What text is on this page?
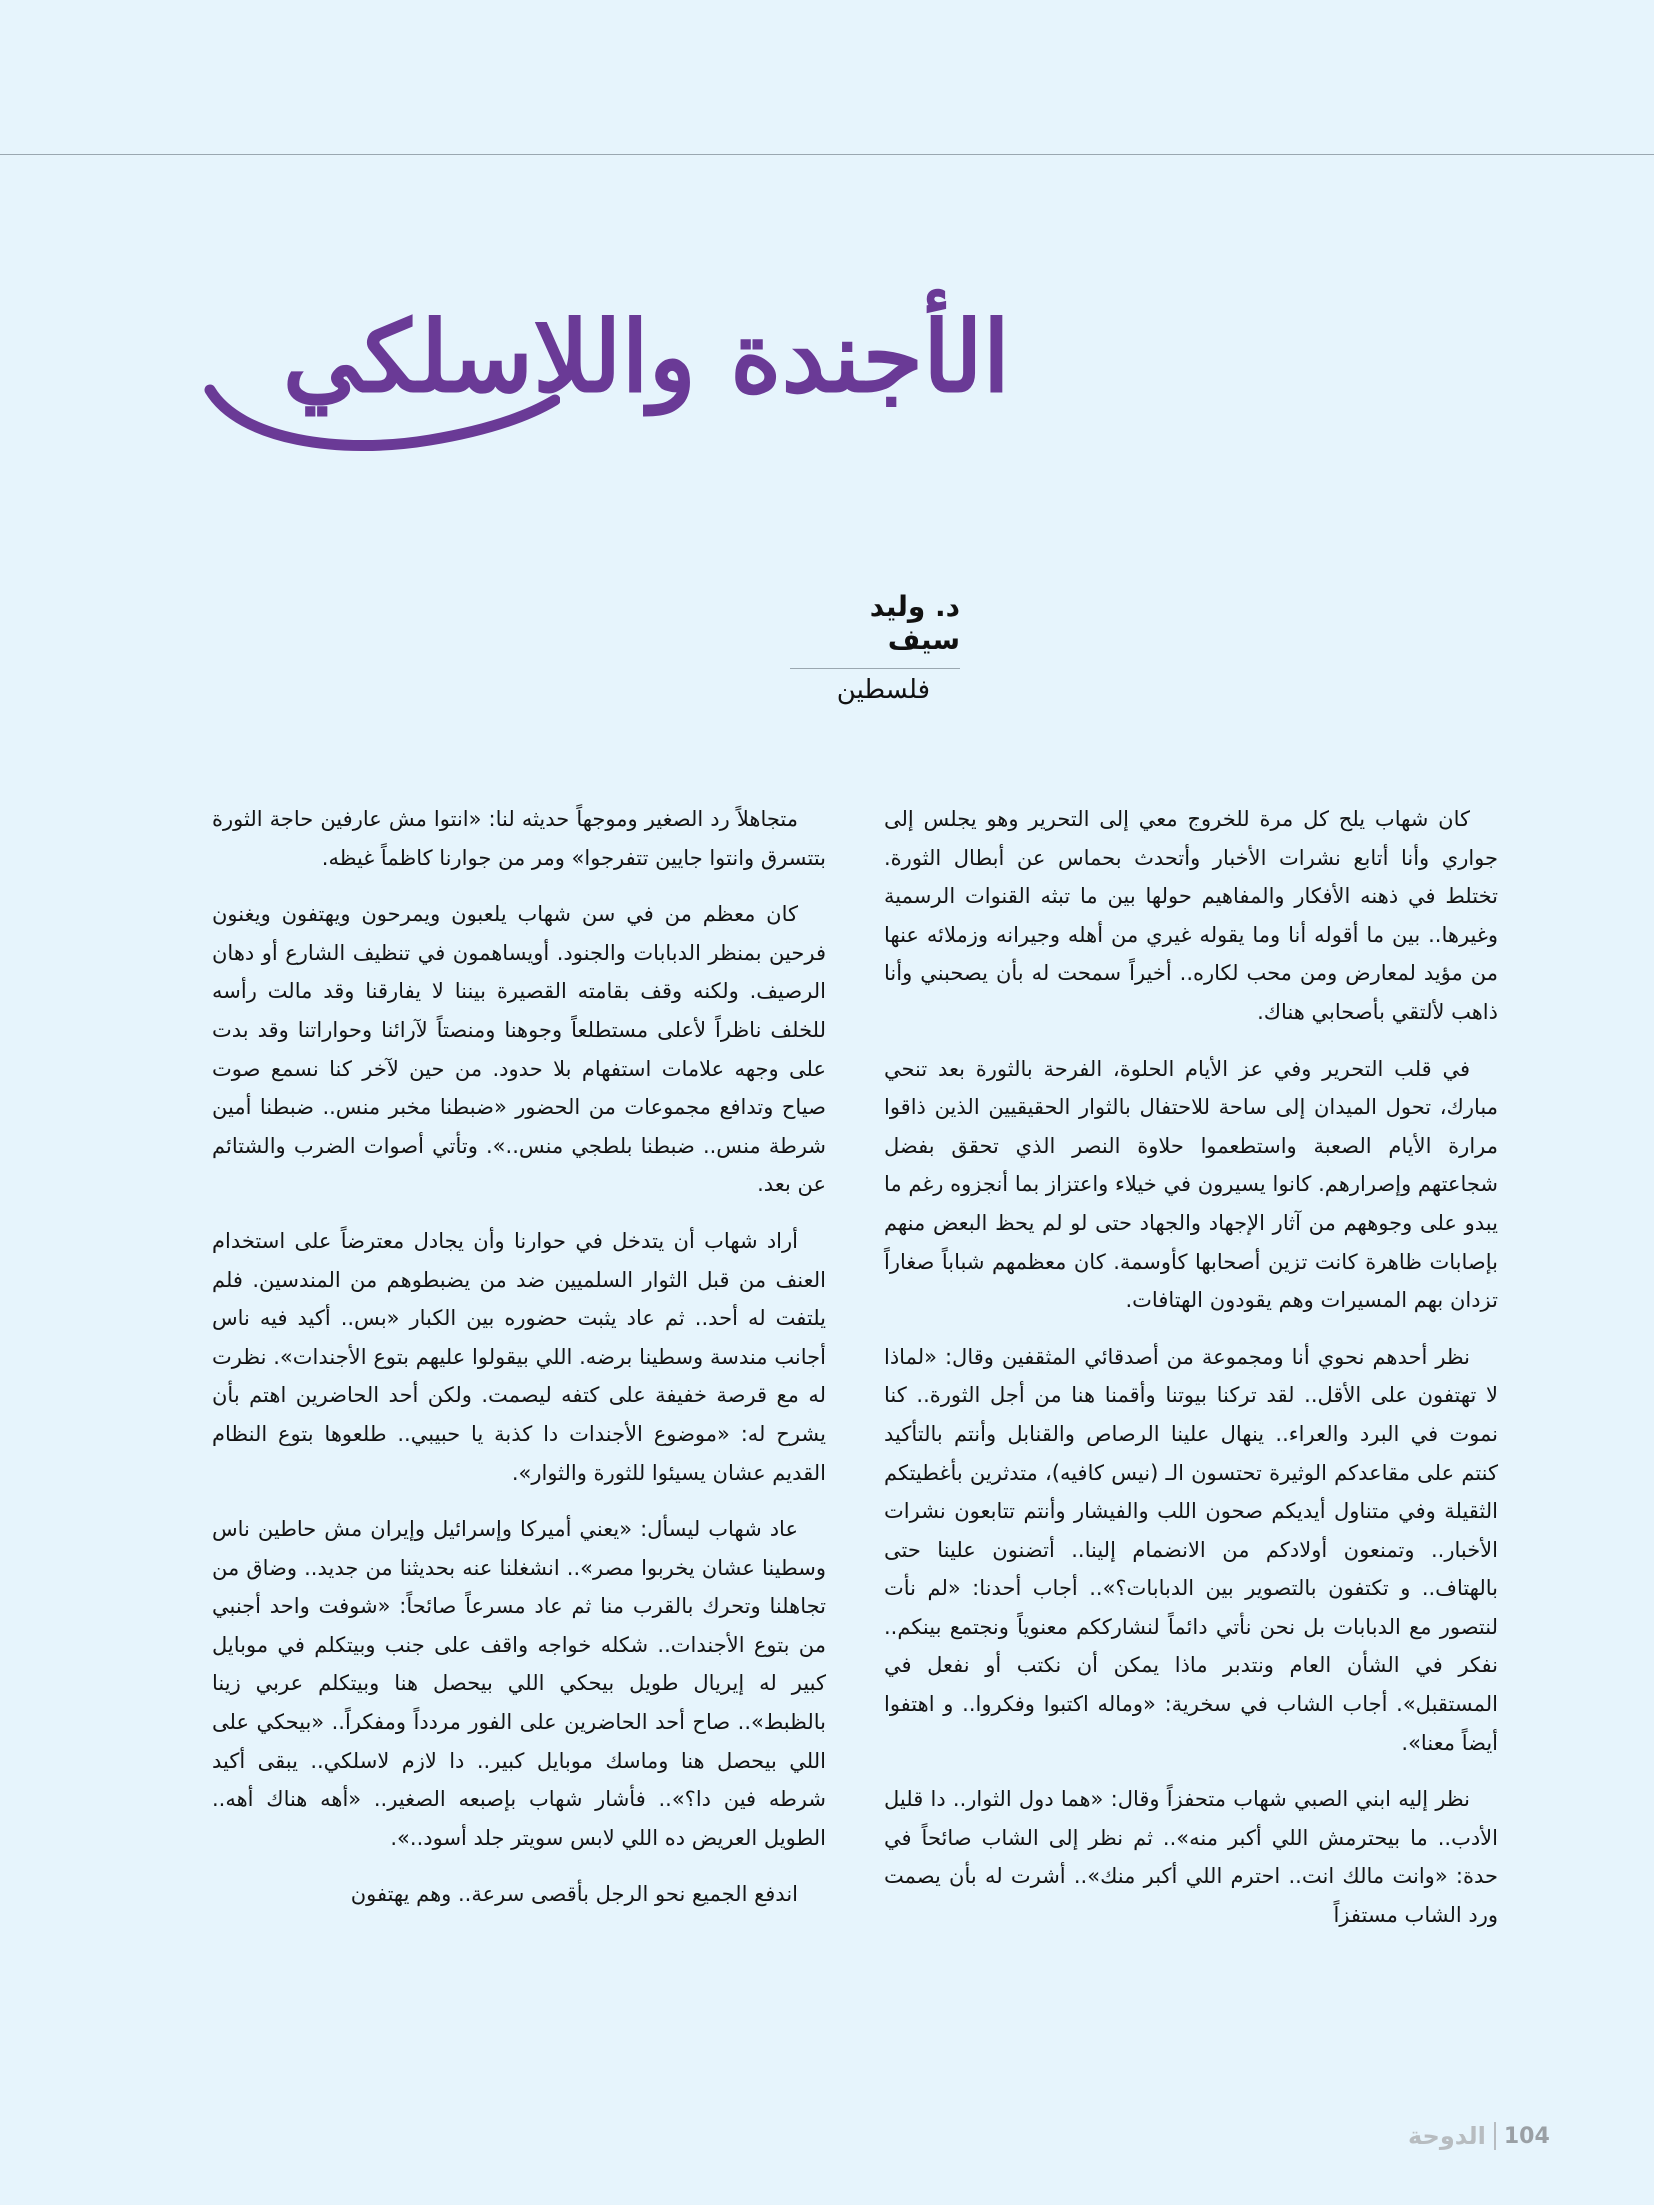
الأجندة واللاسلكي
د. وليد سيف
فلسطين

كان شهاب يلح كل مرة للخروج معي إلى التحرير وهو يجلس إلى جواري وأنا أتابع نشرات الأخبار وأتحدث بحماس عن أبطال الثورة. تختلط في ذهنه الأفكار والمفاهيم حولها بين ما تبثه القنوات الرسمية وغيرها.. بين ما أقوله أنا وما يقوله غيري من أهله وجيرانه وزملائه عنها من مؤيد لمعارض ومن محب لكاره.. أخيراً سمحت له بأن يصحبني وأنا ذاهب لألتقي بأصحابي هناك.

في قلب التحرير وفي عز الأيام الحلوة، الفرحة بالثورة بعد تنحي مبارك، تحول الميدان إلى ساحة للاحتفال بالثوار الحقيقيين الذين ذاقوا مرارة الأيام الصعبة واستطعموا حلاوة النصر الذي تحقق بفضل شجاعتهم وإصرارهم. كانوا يسيرون في خيلاء واعتزاز بما أنجزوه رغم ما يبدو على وجوههم من آثار الإجهاد والجهاد حتى لو لم يحظ البعض منهم بإصابات ظاهرة كانت تزين أصحابها كأوسمة. كان معظمهم شباباً صغاراً تزدان بهم المسيرات وهم يقودون الهتافات.

نظر أحدهم نحوي أنا ومجموعة من أصدقائي المثقفين وقال: «لماذا لا تهتفون على الأقل.. لقد تركنا بيوتنا وأقمنا هنا من أجل الثورة.. كنا نموت في البرد والعراء.. ينهال علينا الرصاص والقنابل وأنتم بالتأكيد كنتم على مقاعدكم الوثيرة تحتسون الـ (نيس كافيه)، متدثرين بأغطيتكم الثقيلة وفي متناول أيديكم صحون اللب والفيشار وأنتم تتابعون نشرات الأخبار.. وتمنعون أولادكم من الانضمام إلينا.. أتضنون علينا حتى بالهتاف.. و تكتفون بالتصوير بين الدبابات؟».. أجاب أحدنا: «لم نأت لنتصور مع الدبابات بل نحن نأتي دائماً لنشارككم معنوياً ونجتمع بينكم.. نفكر في الشأن العام ونتدبر ماذا يمكن أن نكتب أو نفعل في المستقبل». أجاب الشاب في سخرية: «وماله اكتبوا وفكروا.. و اهتفوا أيضاً معنا».

نظر إليه ابني الصبي شهاب متحفزاً وقال: «هما دول الثوار.. دا قليل الأدب.. ما بيحترمش اللي أكبر منه».. ثم نظر إلى الشاب صائحاً في حدة: «وانت مالك انت.. احترم اللي أكبر منك».. أشرت له بأن يصمت ورد الشاب مستفزاً

متجاهلاً رد الصغير وموجهاً حديثه لنا: «انتوا مش عارفين حاجة الثورة بتتسرق وانتوا جايين تتفرجوا» ومر من جوارنا كاظماً غيظه.

كان معظم من في سن شهاب يلعبون ويمرحون ويهتفون ويغنون فرحين بمنظر الدبابات والجنود. أويساهمون في تنظيف الشارع أو دهان الرصيف. ولكنه وقف بقامته القصيرة بيننا لا يفارقنا وقد مالت رأسه للخلف ناظراً لأعلى مستطلعاً وجوهنا ومنصتاً لآرائنا وحواراتنا وقد بدت على وجهه علامات استفهام بلا حدود. من حين لآخر كنا نسمع صوت صياح وتدافع مجموعات من الحضور «ضبطنا مخبر منس.. ضبطنا أمين شرطة منس.. ضبطنا بلطجي منس..». وتأتي أصوات الضرب والشتائم عن بعد.

أراد شهاب أن يتدخل في حوارنا وأن يجادل معترضاً على استخدام العنف من قبل الثوار السلميين ضد من يضبطوهم من المندسين. فلم يلتفت له أحد.. ثم عاد يثبت حضوره بين الكبار «بس.. أكيد فيه ناس أجانب مندسة وسطينا برضه. اللي بيقولوا عليهم بتوع الأجندات». نظرت له مع قرصة خفيفة على كتفه ليصمت. ولكن أحد الحاضرين اهتم بأن يشرح له: «موضوع الأجندات دا كذبة يا حبيبي.. طلعوها بتوع النظام القديم عشان يسيئوا للثورة والثوار».

عاد شهاب ليسأل: «يعني أميركا وإسرائيل وإيران مش حاطين ناس وسطينا عشان يخربوا مصر».. انشغلنا عنه بحديثنا من جديد.. وضاق من تجاهلنا وتحرك بالقرب منا ثم عاد مسرعاً صائحاً: «شوفت واحد أجنبي من بتوع الأجندات.. شكله خواجه واقف على جنب وبيتكلم في موبايل كبير له إيريال طويل بيحكي اللي بيحصل هنا وبيتكلم عربي زينا بالظبط».. صاح أحد الحاضرين على الفور مردداً ومفكراً.. «بيحكي على اللي بيحصل هنا وماسك موبايل كبير.. دا لازم لاسلكي.. يبقى أكيد شرطه فين دا؟».. فأشار شهاب بإصبعه الصغير.. «أهه هناك أهه.. الطويل العريض ده اللي لابس سويتر جلد أسود..».

اندفع الجميع نحو الرجل بأقصى سرعة.. وهم يهتفون

الدوحة 104
